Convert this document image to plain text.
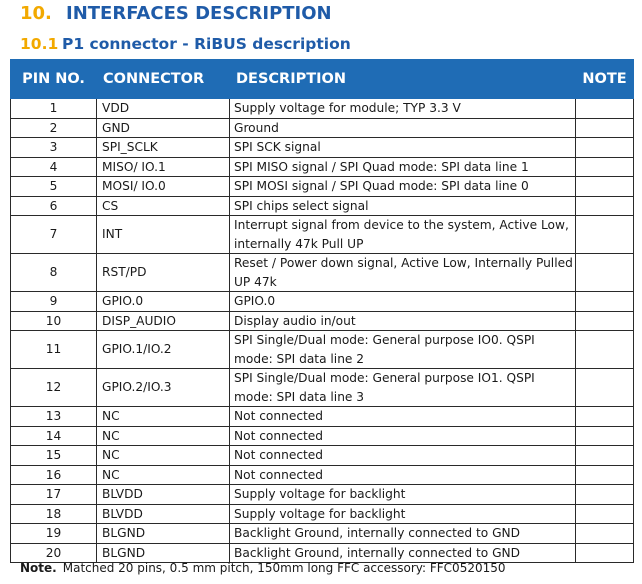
10. INTERFACES DESCRIPTION
10.1 P1 connector - RiBUS description
PIN NO.	CONNECTOR	DESCRIPTION	NOTE
1	VDD	Supply voltage for module; TYP 3.3 V	
2	GND	Ground	
3	SPI_SCLK	SPI SCK signal	
4	MISO/ IO.1	SPI MISO signal / SPI Quad mode: SPI data line 1	
5	MOSI/ IO.0	SPI MOSI signal / SPI Quad mode: SPI data line 0	
6	CS	SPI chips select signal	
7	INT	Interrupt signal from device to the system, Active Low, internally 47k Pull UP	
8	RST/PD	Reset / Power down signal, Active Low, Internally Pulled UP 47k	
9	GPIO.0	GPIO.0	
10	DISP_AUDIO	Display audio in/out	
11	GPIO.1/IO.2	SPI Single/Dual mode: General purpose IO0. QSPI mode: SPI data line 2	
12	GPIO.2/IO.3	SPI Single/Dual mode: General purpose IO1. QSPI mode: SPI data line 3	
13	NC	Not connected	
14	NC	Not connected	
15	NC	Not connected	
16	NC	Not connected	
17	BLVDD	Supply voltage for backlight	
18	BLVDD	Supply voltage for backlight	
19	BLGND	Backlight Ground, internally connected to GND	
20	BLGND	Backlight Ground, internally connected to GND	
Note. Matched 20 pins, 0.5 mm pitch, 150mm long FFC accessory: FFC0520150
